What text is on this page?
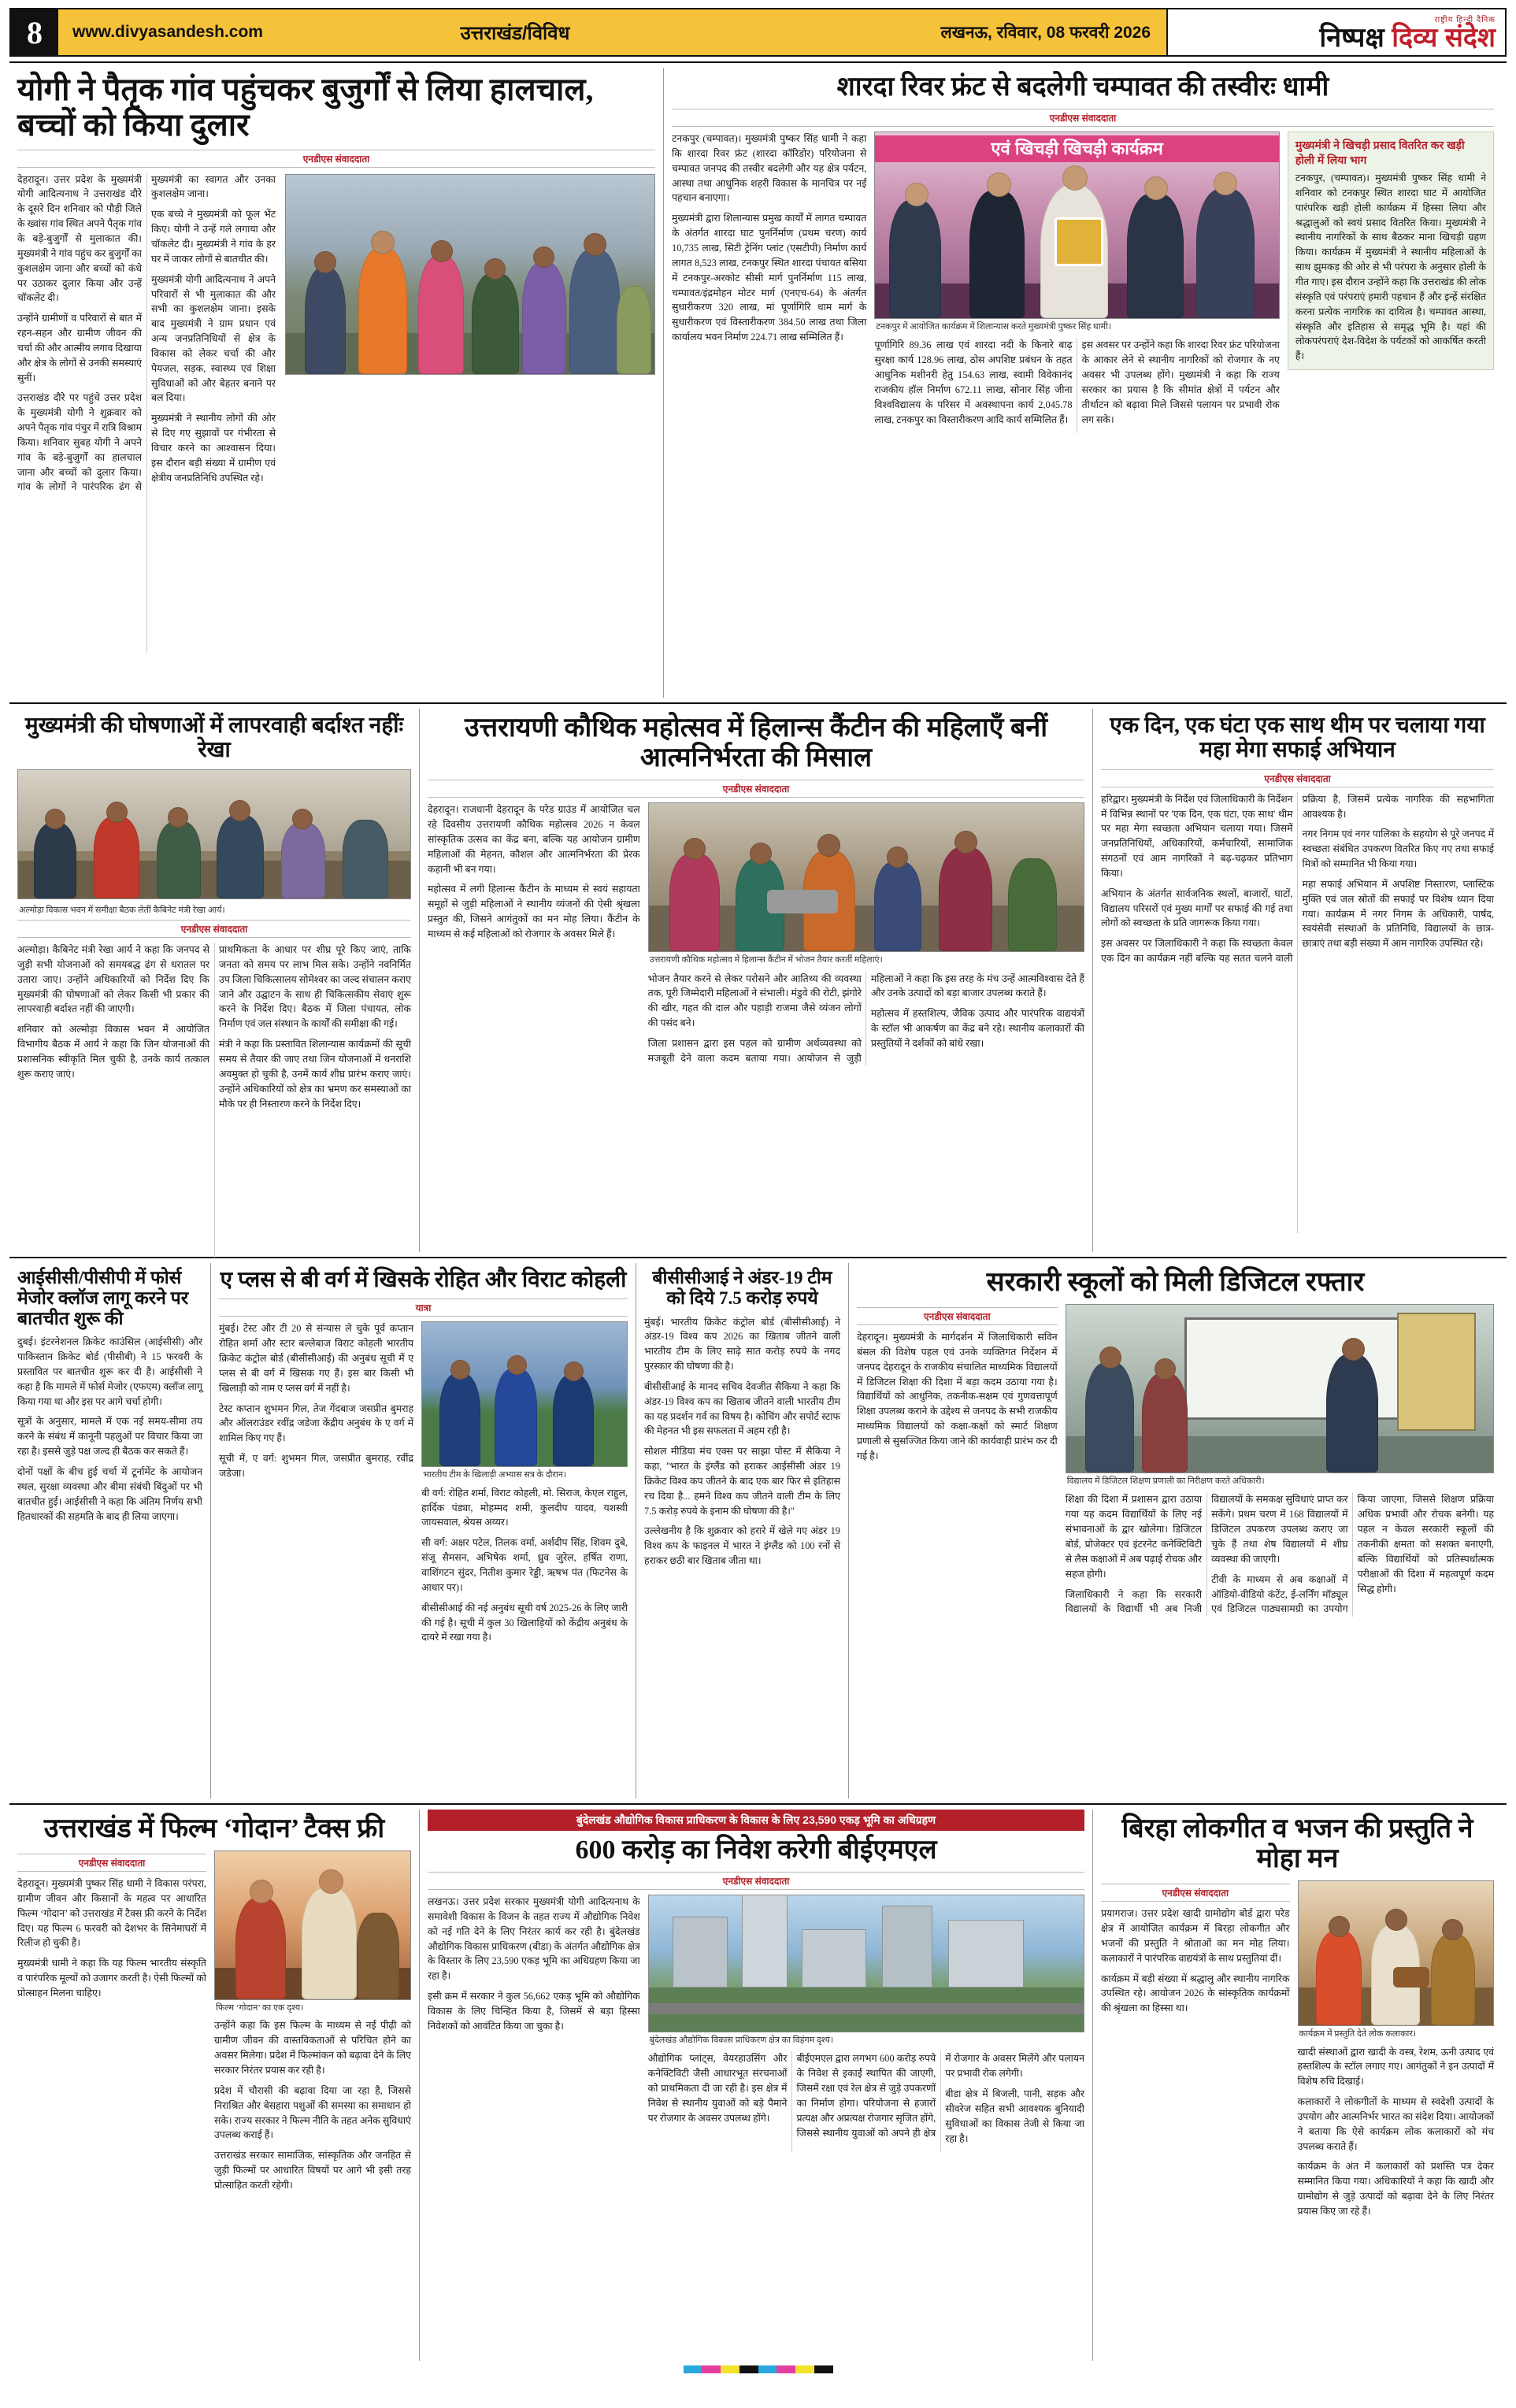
8	www.divyasandesh.com	उत्तराखंड/विविध	लखनऊ, रविवार, 08 फरवरी 2026
राष्ट्रीय हिन्दी दैनिक
निष्पक्ष दिव्य संदेश
योगी ने पैतृक गांव पहुंचकर बुजुर्गों से लिया हालचाल, बच्चों को किया दुलार
एनडीएस संवाददाता

देहरादून। उत्तर प्रदेश के मुख्यमंत्री योगी आदित्यनाथ ने उत्तराखंड दौरे के दूसरे दिन शनिवार को पौड़ी जिले के ख्वांस गांव स्थित अपने पैतृक गांव के बड़े-बुजुर्गों से मुलाकात की। मुख्यमंत्री ने गांव पहुंच कर बुजुर्गों का कुशलक्षेम जाना और बच्चों को कंधे पर उठाकर दुलार किया और उन्हें चॉकलेट दी।

उन्होंने ग्रामीणों व परिवारों से बात में रहन-सहन और ग्रामीण जीवन की चर्चा की और आत्मीय लगाव दिखाया और क्षेत्र के लोगों से उनकी समस्याएं सुनीं।

उत्तराखंड दौरे पर पहुंचे उत्तर प्रदेश के मुख्यमंत्री योगी ने शुक्रवार को अपने पैतृक गांव पंचुर में रात्रि विश्राम किया। शनिवार सुबह योगी ने अपने गांव के बड़े-बुजुर्गों का हालचाल जाना और बच्चों को दुलार किया। गांव के लोगों ने पारंपरिक ढंग से मुख्यमंत्री का स्वागत और उनका कुशलक्षेम जाना।

एक बच्चे ने मुख्यमंत्री को फूल भेंट किए। योगी ने उन्हें गले लगाया और चॉकलेट दी। मुख्यमंत्री ने गांव के हर घर में जाकर लोगों से बातचीत की।

मुख्यमंत्री योगी आदित्यनाथ ने अपने परिवारों से भी मुलाकात की और सभी का कुशलक्षेम जाना। इसके बाद मुख्यमंत्री ने ग्राम प्रधान एवं अन्य जनप्रतिनिधियों से क्षेत्र के विकास को लेकर चर्चा की और पेयजल, सड़क, स्वास्थ्य एवं शिक्षा सुविधाओं को और बेहतर बनाने पर बल दिया।

मुख्यमंत्री ने स्थानीय लोगों की ओर से दिए गए सुझावों पर गंभीरता से विचार करने का आश्वासन दिया। इस दौरान बड़ी संख्या में ग्रामीण एवं क्षेत्रीय जनप्रतिनिधि उपस्थित रहे।

शारदा रिवर फ्रंट से बदलेगी चम्पावत की तस्वीरः धामी
एनडीएस संवाददाता

टनकपुर (चम्पावत)। मुख्यमंत्री पुष्कर सिंह धामी ने कहा कि शारदा रिवर फ्रंट (शारदा कॉरिडोर) परियोजना से चम्पावत जनपद की तस्वीर बदलेगी और यह क्षेत्र पर्यटन, आस्था तथा आधुनिक शहरी विकास के मानचित्र पर नई पहचान बनाएगा।

मुख्यमंत्री द्वारा शिलान्यास प्रमुख कार्यों में लागत चम्पावत के अंतर्गत शारदा घाट पुनर्निर्माण (प्रथम चरण) कार्य 10,735 लाख, सिटी ट्रेनिंग प्लांट (एसटीपी) निर्माण कार्य लागत 8,523 लाख, टनकपुर स्थित शारदा पंचायत बसिया में टनकपुर-अरकोट सीसी मार्ग पुनर्निर्माण 115 लाख, चम्पावत/इंद्रमोहन मोटर मार्ग (एनएच-64) के अंतर्गत सुधारीकरण 320 लाख, मां पूर्णागिरि धाम मार्ग के सुधारीकरण एवं विस्तारीकरण 384.50 लाख तथा जिला कार्यालय भवन निर्माण 224.71 लाख सम्मिलित हैं।

एवं खिचड़ी खिचड़ी कार्यक्रम
टनकपुर में आयोजित कार्यक्रम में शिलान्यास करते मुख्यमंत्री पुष्कर सिंह धामी।

पूर्णागिरि 89.36 लाख एवं शारदा नदी के किनारे बाढ़ सुरक्षा कार्य 128.96 लाख, ठोस अपशिष्ट प्रबंधन के तहत आधुनिक मशीनरी हेतु 154.63 लाख, स्वामी विवेकानंद राजकीय हॉल निर्माण 672.11 लाख, सोनार सिंह जीना विश्वविद्यालय के परिसर में अवस्थापना कार्य 2,045.78 लाख, टनकपुर का विस्तारीकरण आदि कार्य सम्मिलित हैं।

इस अवसर पर उन्होंने कहा कि शारदा रिवर फ्रंट परियोजना के आकार लेने से स्थानीय नागरिकों को रोजगार के नए अवसर भी उपलब्ध होंगे। मुख्यमंत्री ने कहा कि राज्य सरकार का प्रयास है कि सीमांत क्षेत्रों में पर्यटन और तीर्थाटन को बढ़ावा मिले जिससे पलायन पर प्रभावी रोक लग सके।

मुख्यमंत्री ने खिचड़ी प्रसाद वितरित कर खड़ी होली में लिया भाग
टनकपुर, (चम्पावत)। मुख्यमंत्री पुष्कर सिंह धामी ने शनिवार को टनकपुर स्थित शारदा घाट में आयोजित पारंपरिक खड़ी होली कार्यक्रम में हिस्सा लिया और श्रद्धालुओं को स्वयं प्रसाद वितरित किया। मुख्यमंत्री ने स्थानीय नागरिकों के साथ बैठकर माना खिचड़ी ग्रहण किया। कार्यक्रम में मुख्यमंत्री ने स्थानीय महिलाओं के साथ झुमकड़ की ओर से भी परंपरा के अनुसार होली के गीत गाए। इस दौरान उन्होंने कहा कि उत्तराखंड की लोक संस्कृति एवं परंपराएं हमारी पहचान हैं और इन्हें संरक्षित करना प्रत्येक नागरिक का दायित्व है। चम्पावत आस्था, संस्कृति और इतिहास से समृद्ध भूमि है। यहां की लोकपरंपराएं देश-विदेश के पर्यटकों को आकर्षित करती हैं।
मुख्यमंत्री की घोषणाओं में लापरवाही बर्दाश्त नहींः रेखा
अल्मोड़ा विकास भवन में समीक्षा बैठक लेतीं कैबिनेट मंत्री रेखा आर्य।
एनडीएस संवाददाता

अल्मोड़ा। कैबिनेट मंत्री रेखा आर्य ने कहा कि जनपद से जुड़ी सभी योजनाओं को समयबद्ध ढंग से धरातल पर उतारा जाए। उन्होंने अधिकारियों को निर्देश दिए कि मुख्यमंत्री की घोषणाओं को लेकर किसी भी प्रकार की लापरवाही बर्दाश्त नहीं की जाएगी।

शनिवार को अल्मोड़ा विकास भवन में आयोजित विभागीय बैठक में आर्य ने कहा कि जिन योजनाओं की प्रशासनिक स्वीकृति मिल चुकी है, उनके कार्य तत्काल शुरू कराए जाएं।

प्राथमिकता के आधार पर शीघ्र पूरे किए जाएं, ताकि जनता को समय पर लाभ मिल सके। उन्होंने नवनिर्मित उप जिला चिकित्सालय सोमेश्वर का जल्द संचालन कराए जाने और उद्घाटन के साथ ही चिकित्सकीय सेवाएं शुरू करने के निर्देश दिए। बैठक में जिला पंचायत, लोक निर्माण एवं जल संस्थान के कार्यों की समीक्षा की गई।

मंत्री ने कहा कि प्रस्तावित शिलान्यास कार्यक्रमों की सूची समय से तैयार की जाए तथा जिन योजनाओं में धनराशि अवमुक्त हो चुकी है, उनमें कार्य शीघ्र प्रारंभ कराए जाएं। उन्होंने अधिकारियों को क्षेत्र का भ्रमण कर समस्याओं का मौके पर ही निस्तारण करने के निर्देश दिए।

उत्तरायणी कौथिक महोत्सव में हिलान्स कैंटीन की महिलाएँ बनीं आत्मनिर्भरता की मिसाल
एनडीएस संवाददाता

देहरादून। राजधानी देहरादून के परेड ग्राउंड में आयोजित चल रहे दिवसीय उत्तरायणी कौथिक महोत्सव 2026 न केवल सांस्कृतिक उत्सव का केंद्र बना, बल्कि यह आयोजन ग्रामीण महिलाओं की मेहनत, कौशल और आत्मनिर्भरता की प्रेरक कहानी भी बन गया।

महोत्सव में लगी हिलान्स कैंटीन के माध्यम से स्वयं सहायता समूहों से जुड़ी महिलाओं ने स्थानीय व्यंजनों की ऐसी श्रृंखला प्रस्तुत की, जिसने आगंतुकों का मन मोह लिया। कैंटीन के माध्यम से कई महिलाओं को रोजगार के अवसर मिले हैं।

उत्तरायणी कौथिक महोत्सव में हिलान्स कैंटीन में भोजन तैयार करतीं महिलाएं।

भोजन तैयार करने से लेकर परोसने और आतिथ्य की व्यवस्था तक, पूरी जिम्मेदारी महिलाओं ने संभाली। मंडुवे की रोटी, झंगोरे की खीर, गहत की दाल और पहाड़ी राजमा जैसे व्यंजन लोगों की पसंद बने।

जिला प्रशासन द्वारा इस पहल को ग्रामीण अर्थव्यवस्था को मजबूती देने वाला कदम बताया गया। आयोजन से जुड़ी महिलाओं ने कहा कि इस तरह के मंच उन्हें आत्मविश्वास देते हैं और उनके उत्पादों को बड़ा बाजार उपलब्ध कराते हैं।

महोत्सव में हस्तशिल्प, जैविक उत्पाद और पारंपरिक वाद्ययंत्रों के स्टॉल भी आकर्षण का केंद्र बने रहे। स्थानीय कलाकारों की प्रस्तुतियों ने दर्शकों को बांधे रखा।

एक दिन, एक घंटा एक साथ थीम पर चलाया गया महा मेगा सफाई अभियान
एनडीएस संवाददाता

हरिद्वार। मुख्यमंत्री के निर्देश एवं जिलाधिकारी के निर्देशन में विभिन्न स्थानों पर 'एक दिन, एक घंटा, एक साथ' थीम पर महा मेगा स्वच्छता अभियान चलाया गया। जिसमें जनप्रतिनिधियों, अधिकारियों, कर्मचारियों, सामाजिक संगठनों एवं आम नागरिकों ने बढ़-चढ़कर प्रतिभाग किया।

अभियान के अंतर्गत सार्वजनिक स्थलों, बाजारों, घाटों, विद्यालय परिसरों एवं मुख्य मार्गों पर सफाई की गई तथा लोगों को स्वच्छता के प्रति जागरूक किया गया।

इस अवसर पर जिलाधिकारी ने कहा कि स्वच्छता केवल एक दिन का कार्यक्रम नहीं बल्कि यह सतत चलने वाली प्रक्रिया है, जिसमें प्रत्येक नागरिक की सहभागिता आवश्यक है।

नगर निगम एवं नगर पालिका के सहयोग से पूरे जनपद में स्वच्छता संबंधित उपकरण वितरित किए गए तथा सफाई मित्रों को सम्मानित भी किया गया।

महा सफाई अभियान में अपशिष्ट निस्तारण, प्लास्टिक मुक्ति एवं जल स्रोतों की सफाई पर विशेष ध्यान दिया गया। कार्यक्रम में नगर निगम के अधिकारी, पार्षद, स्वयंसेवी संस्थाओं के प्रतिनिधि, विद्यालयों के छात्र-छात्राएं तथा बड़ी संख्या में आम नागरिक उपस्थित रहे।

आईसीसी/पीसीपी में फोर्स मेजोर क्लॉज लागू करने पर बातचीत शुरू की

दुबई। इंटरनेशनल क्रिकेट काउंसिल (आईसीसी) और पाकिस्तान क्रिकेट बोर्ड (पीसीबी) ने 15 फरवरी के प्रस्तावित पर बातचीत शुरू कर दी है। आईसीसी ने कहा है कि मामले में फोर्स मेजोर (एफएम) क्लॉज लागू किया गया था और इस पर आगे चर्चा होगी।

सूत्रों के अनुसार, मामले में एक नई समय-सीमा तय करने के संबंध में कानूनी पहलुओं पर विचार किया जा रहा है। इससे जुड़े पक्ष जल्द ही बैठक कर सकते हैं।

दोनों पक्षों के बीच हुई चर्चा में टूर्नामेंट के आयोजन स्थल, सुरक्षा व्यवस्था और बीमा संबंधी बिंदुओं पर भी बातचीत हुई। आईसीसी ने कहा कि अंतिम निर्णय सभी हितधारकों की सहमति के बाद ही लिया जाएगा।

ए प्लस से बी वर्ग में खिसके रोहित और विराट कोहली
यात्रा

मुंबई। टेस्ट और टी 20 से संन्यास ले चुके पूर्व कप्तान रोहित शर्मा और स्टार बल्लेबाज विराट कोहली भारतीय क्रिकेट कंट्रोल बोर्ड (बीसीसीआई) की अनुबंध सूची में ए प्लस से बी वर्ग में खिसक गए हैं। इस बार किसी भी खिलाड़ी को नाम ए प्लस वर्ग में नहीं है।

टेस्ट कप्तान शुभमन गिल, तेज गेंदबाज जसप्रीत बुमराह और ऑलराउंडर रवींद्र जडेजा केंद्रीय अनुबंध के ए वर्ग में शामिल किए गए हैं।

सूची में, ए वर्ग: शुभमन गिल, जसप्रीत बुमराह, रवींद्र जडेजा।	भारतीय टीम के खिलाड़ी अभ्यास सत्र के दौरान।

बी वर्ग: रोहित शर्मा, विराट कोहली, मो. सिराज, केएल राहुल, हार्दिक पंड्या, मोहम्मद शमी, कुलदीप यादव, यशस्वी जायसवाल, श्रेयस अय्यर।

सी वर्ग: अक्षर पटेल, तिलक वर्मा, अर्शदीप सिंह, शिवम दुबे, संजू सैमसन, अभिषेक शर्मा, ध्रुव जुरेल, हर्षित राणा, वाशिंगटन सुंदर, नितीश कुमार रेड्डी, ऋषभ पंत (फिटनेस के आधार पर)।

बीसीसीआई की नई अनुबंध सूची वर्ष 2025-26 के लिए जारी की गई है। सूची में कुल 30 खिलाड़ियों को केंद्रीय अनुबंध के दायरे में रखा गया है।

बीसीसीआई ने अंडर-19 टीम को दिये 7.5 करोड़ रुपये

मुंबई। भारतीय क्रिकेट कंट्रोल बोर्ड (बीसीसीआई) ने अंडर-19 विश्व कप 2026 का खिताब जीतने वाली भारतीय टीम के लिए साढ़े सात करोड़ रुपये के नगद पुरस्कार की घोषणा की है।

बीसीसीआई के मानद सचिव देवजीत सैकिया ने कहा कि अंडर-19 विश्व कप का खिताब जीतने वाली भारतीय टीम का यह प्रदर्शन गर्व का विषय है। कोचिंग और सपोर्ट स्टाफ की मेहनत भी इस सफलता में अहम रही है।

सोशल मीडिया मंच एक्स पर साझा पोस्ट में सैकिया ने कहा, ''भारत के इंग्लैंड को हराकर आईसीसी अंडर 19 क्रिकेट विश्व कप जीतने के बाद एक बार फिर से इतिहास रच दिया है... हमने विश्व कप जीतने वाली टीम के लिए 7.5 करोड़ रुपये के इनाम की घोषणा की है।''

उल्लेखनीय है कि शुक्रवार को हरारे में खेले गए अंडर 19 विश्व कप के फाइनल में भारत ने इंग्लैंड को 100 रनों से हराकर छठी बार खिताब जीता था।

सरकारी स्कूलों को मिली डिजिटल रफ्तार
एनडीएस संवाददाता

देहरादून। मुख्यमंत्री के मार्गदर्शन में जिलाधिकारी सविन बंसल की विशेष पहल एवं उनके व्यक्तिगत निर्देशन में जनपद देहरादून के राजकीय संचालित माध्यमिक विद्यालयों में डिजिटल शिक्षा की दिशा में बड़ा कदम उठाया गया है। विद्यार्थियों को आधुनिक, तकनीक-सक्षम एवं गुणवत्तापूर्ण शिक्षा उपलब्ध कराने के उद्देश्य से जनपद के सभी राजकीय माध्यमिक विद्यालयों को कक्षा-कक्षों को स्मार्ट शिक्षण प्रणाली से सुसज्जित किया जाने की कार्यवाही प्रारंभ कर दी गई है।

विद्यालय में डिजिटल शिक्षण प्रणाली का निरीक्षण करते अधिकारी।

शिक्षा की दिशा में प्रशासन द्वारा उठाया गया यह कदम विद्यार्थियों के लिए नई संभावनाओं के द्वार खोलेगा। डिजिटल बोर्ड, प्रोजेक्टर एवं इंटरनेट कनेक्टिविटी से लैस कक्षाओं में अब पढ़ाई रोचक और सहज होगी।

जिलाधिकारी ने कहा कि सरकारी विद्यालयों के विद्यार्थी भी अब निजी विद्यालयों के समकक्ष सुविधाएं प्राप्त कर सकेंगे। प्रथम चरण में 168 विद्यालयों में डिजिटल उपकरण उपलब्ध कराए जा चुके हैं तथा शेष विद्यालयों में शीघ्र व्यवस्था की जाएगी।

टीवी के माध्यम से अब कक्षाओं में ऑडियो-वीडियो कंटेंट, ई-लर्निंग मॉड्यूल एवं डिजिटल पाठ्यसामग्री का उपयोग किया जाएगा, जिससे शिक्षण प्रक्रिया अधिक प्रभावी और रोचक बनेगी। यह पहल न केवल सरकारी स्कूलों की तकनीकी क्षमता को सशक्त बनाएगी, बल्कि विद्यार्थियों को प्रतिस्पर्धात्मक परीक्षाओं की दिशा में महत्वपूर्ण कदम सिद्ध होगी।

उत्तराखंड में फिल्म ‘गोदान’ टैक्स फ्री
एनडीएस संवाददाता

देहरादून। मुख्यमंत्री पुष्कर सिंह धामी ने विकास परंपरा, ग्रामीण जीवन और किसानों के महत्व पर आधारित फिल्म ‘गोदान’ को उत्तराखंड में टैक्स फ्री करने के निर्देश दिए। यह फिल्म 6 फरवरी को देशभर के सिनेमाघरों में रिलीज हो चुकी है।

मुख्यमंत्री धामी ने कहा कि यह फिल्म भारतीय संस्कृति व पारंपरिक मूल्यों को उजागर करती है। ऐसी फिल्मों को प्रोत्साहन मिलना चाहिए।

फिल्म ‘गोदान’ का एक दृश्य।

उन्होंने कहा कि इस फिल्म के माध्यम से नई पीढ़ी को ग्रामीण जीवन की वास्तविकताओं से परिचित होने का अवसर मिलेगा। प्रदेश में फिल्मांकन को बढ़ावा देने के लिए सरकार निरंतर प्रयास कर रही है।

प्रदेश में चौरासी की बढ़ावा दिया जा रहा है, जिससे निराश्रित और बेसहारा पशुओं की समस्या का समाधान हो सके। राज्य सरकार ने फिल्म नीति के तहत अनेक सुविधाएं उपलब्ध कराई हैं।

उत्तराखंड सरकार सामाजिक, सांस्कृतिक और जनहित से जुड़ी फिल्मों पर आधारित विषयों पर आगे भी इसी तरह प्रोत्साहित करती रहेगी।

बुंदेलखंड औद्योगिक विकास प्राधिकरण के विकास के लिए 23,590 एकड़ भूमि का अधिग्रहण
600 करोड़ का निवेश करेगी बीईएमएल
एनडीएस संवाददाता

लखनऊ। उत्तर प्रदेश सरकार मुख्यमंत्री योगी आदित्यनाथ के समावेशी विकास के विजन के तहत राज्य में औद्योगिक निवेश को नई गति देने के लिए निरंतर कार्य कर रही है। बुंदेलखंड औद्योगिक विकास प्राधिकरण (बीडा) के अंतर्गत औद्योगिक क्षेत्र के विस्तार के लिए 23,590 एकड़ भूमि का अधिग्रहण किया जा रहा है।

इसी क्रम में सरकार ने कुल 56,662 एकड़ भूमि को औद्योगिक विकास के लिए चिन्हित किया है, जिसमें से बड़ा हिस्सा निवेशकों को आवंटित किया जा चुका है।

बुंदेलखंड औद्योगिक विकास प्राधिकरण क्षेत्र का विहंगम दृश्य।

औद्योगिक प्लांट्स, वेयरहाउसिंग और कनेक्टिविटी जैसी आधारभूत संरचनाओं को प्राथमिकता दी जा रही है। इस क्षेत्र में निवेश से स्थानीय युवाओं को बड़े पैमाने पर रोजगार के अवसर उपलब्ध होंगे।

बीईएमएल द्वारा लगभग 600 करोड़ रुपये के निवेश से इकाई स्थापित की जाएगी, जिसमें रक्षा एवं रेल क्षेत्र से जुड़े उपकरणों का निर्माण होगा। परियोजना से हजारों प्रत्यक्ष और अप्रत्यक्ष रोजगार सृजित होंगे, जिससे स्थानीय युवाओं को अपने ही क्षेत्र में रोजगार के अवसर मिलेंगे और पलायन पर प्रभावी रोक लगेगी।

बीडा क्षेत्र में बिजली, पानी, सड़क और सीवरेज सहित सभी आवश्यक बुनियादी सुविधाओं का विकास तेजी से किया जा रहा है।

बिरहा लोकगीत व भजन की प्रस्तुति ने मोहा मन
एनडीएस संवाददाता

प्रयागराज। उत्तर प्रदेश खादी ग्रामोद्योग बोर्ड द्वारा परेड क्षेत्र में आयोजित कार्यक्रम में बिरहा लोकगीत और भजनों की प्रस्तुति ने श्रोताओं का मन मोह लिया। कलाकारों ने पारंपरिक वाद्ययंत्रों के साथ प्रस्तुतियां दीं।

कार्यक्रम में बड़ी संख्या में श्रद्धालु और स्थानीय नागरिक उपस्थित रहे। आयोजन 2026 के सांस्कृतिक कार्यक्रमों की श्रृंखला का हिस्सा था।

कार्यक्रम में प्रस्तुति देते लोक कलाकार।

खादी संस्थाओं द्वारा खादी के वस्त्र, रेशम, ऊनी उत्पाद एवं हस्तशिल्प के स्टॉल लगाए गए। आगंतुकों ने इन उत्पादों में विशेष रुचि दिखाई।

कलाकारों ने लोकगीतों के माध्यम से स्वदेशी उत्पादों के उपयोग और आत्मनिर्भर भारत का संदेश दिया। आयोजकों ने बताया कि ऐसे कार्यक्रम लोक कलाकारों को मंच उपलब्ध कराते हैं।

कार्यक्रम के अंत में कलाकारों को प्रशस्ति पत्र देकर सम्मानित किया गया। अधिकारियों ने कहा कि खादी और ग्रामोद्योग से जुड़े उत्पादों को बढ़ावा देने के लिए निरंतर प्रयास किए जा रहे हैं।
